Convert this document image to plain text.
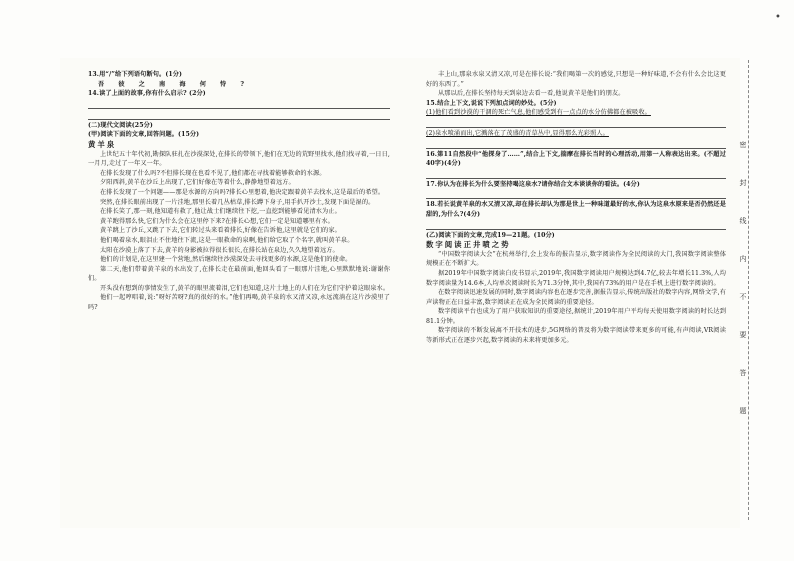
13.用“/”给下列语句断句。(1分)

吾 彼 之 南 海 何 恃 ?

14.读了上面的故事,你有什么启示? (2分)

(二)现代文阅读(25分)

(甲)阅读下面的文章,回答问题。(15分)

黄羊泉

上世纪五十年代初,勘探队驻扎在沙漠深处,在排长的带领下,他们在无边的荒野里找水,他们找寻着,一日日,一月月,走过了一年又一年。

在排长发现了什么吗?不但排长现在也看不见了,他们都在寻找着能够救命的水源。

夕阳西斜,黄羊在沙丘上出现了,它们好像在等着什么,静静地望着远方。

在排长发现了一个问题——那是水源的方向吗?排长心里想着,他决定跟着黄羊去找水,这是最后的希望。

突然,在排长眼前出现了一片洼地,那里长着几丛枯草,排长蹲下身子,用手扒开沙土,发现下面是湿的。

在排长笑了,那一刻,他知道有救了,他让战士们继续往下挖,一直挖到能够看见清水为止。

黄羊跑得那么快,它们为什么会在这里停下来?在排长心想,它们一定是知道哪里有水。

黄羊跳上了沙丘,又跳了下去,它们转过头来看着排长,好像在告诉他,这里就是它们的家。

他们喝着泉水,眼泪止不住地往下流,这是一眼救命的泉啊,他们给它取了个名字,就叫黄羊泉。

太阳在沙漠上落了下去,黄羊的身影被拉得很长很长,在排长站在泉边,久久地望着远方。

他们的计划是,在这里建一个营地,然后继续往沙漠深处去寻找更多的水源,这是他们的使命。

第二天,他们带着黄羊泉的水出发了,在排长走在最前面,他回头看了一眼那片洼地,心里默默地说:谢谢你们。

开头没有想到的事情发生了,黄羊的眼里流着泪,它们也知道,这片土地上的人们在为它们守护着这眼泉水。

他们一起哼唱着,说:“呀好苦呀?真的很好的水。”他们再喝,黄羊泉的水又清又凉,永远流淌在这片沙漠里了吗?

丰上山,那泉水泉又清又凉,可是在排长说:“我们喝第一次的感觉,只想是一种好味道,不会有什么会比这更好的东西了。”

从那以后,在排长坚持每天到泉边去看一看,他说黄羊是他们的朋友。

15.结合上下文,说说下列加点词的妙处。(5分)

(1)他们看到沙漠的干涸的死亡气息,他们感受到有一点点的水分仿佛都在被吸收。

(2)泉水喷涌而出,它溅落在了茂盛的青草丛中,显得那么光彩照人。

16.第11自然段中“他探身了……”,结合上下文,揣摩在排长当时的心理活动,用第一人称表达出来。(不超过40字)(4分)

17.你认为在排长为什么要坚持喝这泉水?请你结合文本谈谈你的看法。(4分)

18.若长说黄羊泉的水又清又凉,却在排长却认为那是世上一种味道最好的水,你认为这泉水原来是否仍然还是甜的,为什么?(4分)

(乙)阅读下面的文章,完成19—21题。(10分)

数字阅读正井喷之势

“中国数字阅读大会”在杭州举行,会上发布的报告显示,数字阅读作为全民阅读的大门,我国数字阅读整体规模正在不断扩大。

据2019年中国数字阅读白皮书显示,2019年,我国数字阅读用户规模达到4.7亿,较去年增长11.3%,人均数字阅读量为14.6本,人均单次阅读时长为71.3分钟,其中,我国有73%的用户是在手机上进行数字阅读的。

在数字阅读迅速发展的同时,数字阅读内容也在逐步完善,据报告显示,传统出版社的数字内容,网络文学,有声读物正在日益丰富,数字阅读正在成为全民阅读的重要途径。

数字阅读平台也成为了用户获取知识的重要途径,据统计,2019年用户平均每天使用数字阅读的时长达到81.1分钟。

数字阅读的不断发展离不开技术的进步,5G网络的普及将为数字阅读带来更多的可能,有声阅读,VR阅读等新形式正在逐步兴起,数字阅读的未来将更加多元。

密
封
线
内
不
要
答
题
•
